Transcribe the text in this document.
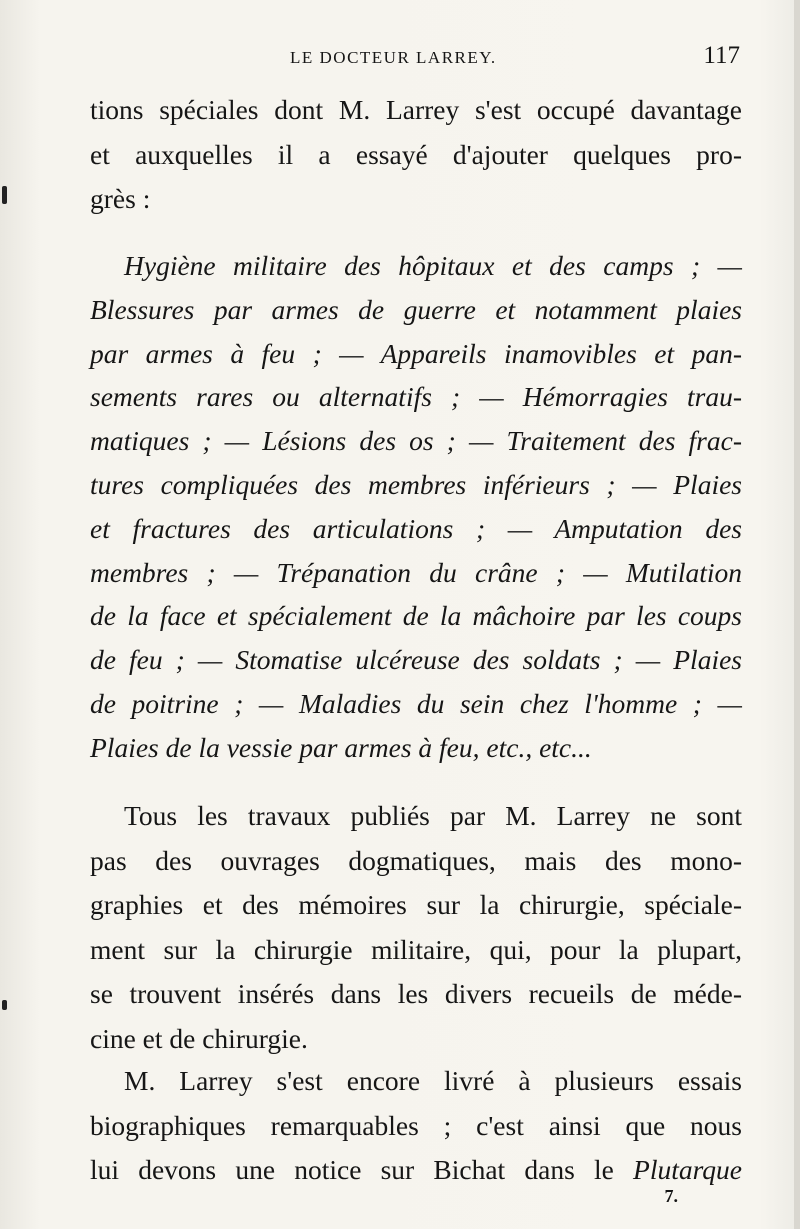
LE DOCTEUR LARREY.	117
tions spéciales dont M. Larrey s'est occupé davantage
et auxquelles il a essayé d'ajouter quelques pro-
grès :
Hygiène militaire des hôpitaux et des camps ; —
Blessures par armes de guerre et notamment plaies
par armes à feu ; — Appareils inamovibles et pan-
sements rares ou alternatifs ; — Hémorragies trau-
matiques ; — Lésions des os ; — Traitement des frac-
tures compliquées des membres inférieurs ; — Plaies
et fractures des articulations ; — Amputation des
membres ; — Trépanation du crâne ; — Mutilation
de la face et spécialement de la mâchoire par les coups
de feu ; — Stomatise ulcéreuse des soldats ; — Plaies
de poitrine ; — Maladies du sein chez l'homme ; —
Plaies de la vessie par armes à feu, etc., etc...
Tous les travaux publiés par M. Larrey ne sont
pas des ouvrages dogmatiques, mais des mono-
graphies et des mémoires sur la chirurgie, spéciale-
ment sur la chirurgie militaire, qui, pour la plupart,
se trouvent insérés dans les divers recueils de méde-
cine et de chirurgie.
M. Larrey s'est encore livré à plusieurs essais
biographiques remarquables ; c'est ainsi que nous
lui devons une notice sur Bichat dans le Plutarque
7.
